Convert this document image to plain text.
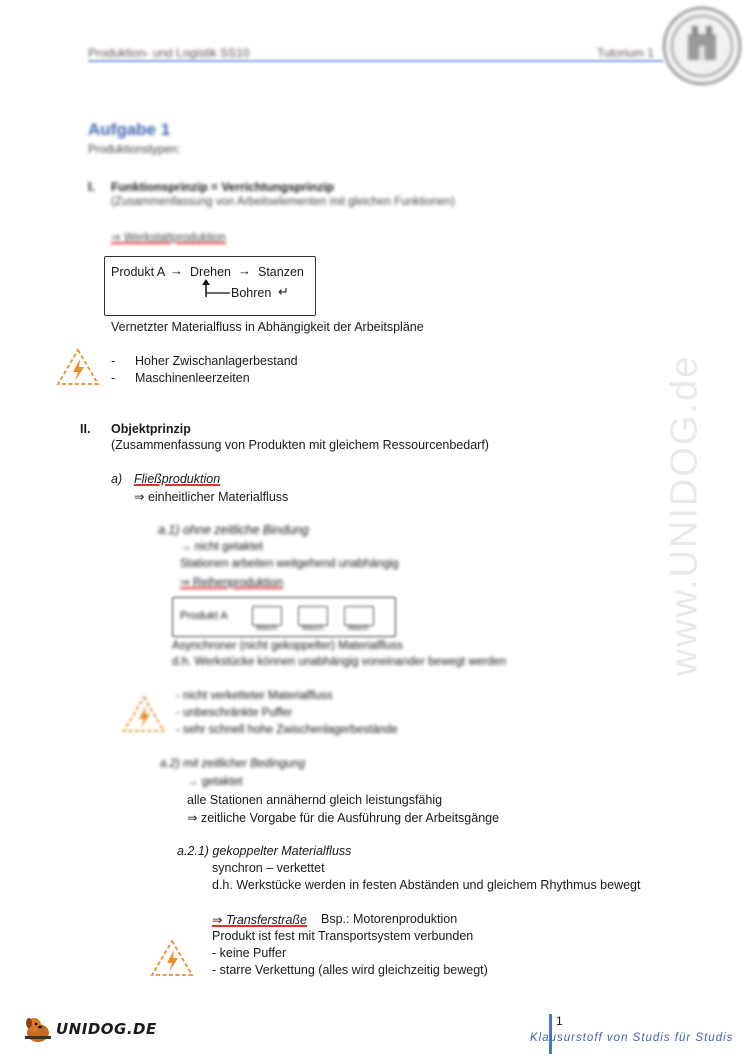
Produktion- und Logistik SS10	Tutorium 1
www.UNIDOG.de
Aufgabe 1
Produktionstypen:
I. Funktionsprinzip = Verrichtungsprinzip
(Zusammenfassung von Arbeitselementen mit gleichen Funktionen)
⇒ Werkstattproduktion
Produkt A → Drehen → Stanzen
Bohren ↵
Vernetzter Materialfluss in Abhängigkeit der Arbeitspläne
- Hoher Zwischanlagerbestand
- Maschinenleerzeiten
II. Objektprinzip
(Zusammenfassung von Produkten mit gleichem Ressourcenbedarf)
a) Fließproduktion
⇒ einheitlicher Materialfluss
a.1) ohne zeitliche Bindung
→ nicht getaktet
Stationen arbeiten weitgehend unabhängig
⇒ Reihenproduktion
Produkt A
Masch.	Masch.	Masch.
Asynchroner (nicht gekoppelter) Materialfluss
d.h. Werkstücke können unabhängig voneinander bewegt werden
- nicht verketteter Materialfluss
- unbeschränkte Puffer
- sehr schnell hohe Zwischenlagerbestände
a.2) mit zeitlicher Bedingung
→ getaktet
alle Stationen annähernd gleich leistungsfähig
⇒ zeitliche Vorgabe für die Ausführung der Arbeitsgänge
a.2.1) gekoppelter Materialfluss
synchron – verkettet
d.h. Werkstücke werden in festen Abständen und gleichem Rhythmus bewegt
⇒ Transferstraße Bsp.: Motorenproduktion
Produkt ist fest mit Transportsystem verbunden
- keine Puffer
- starre Verkettung (alles wird gleichzeitig bewegt)
UNIDOG.DE	1
Klausurstoff von Studis für Studis
